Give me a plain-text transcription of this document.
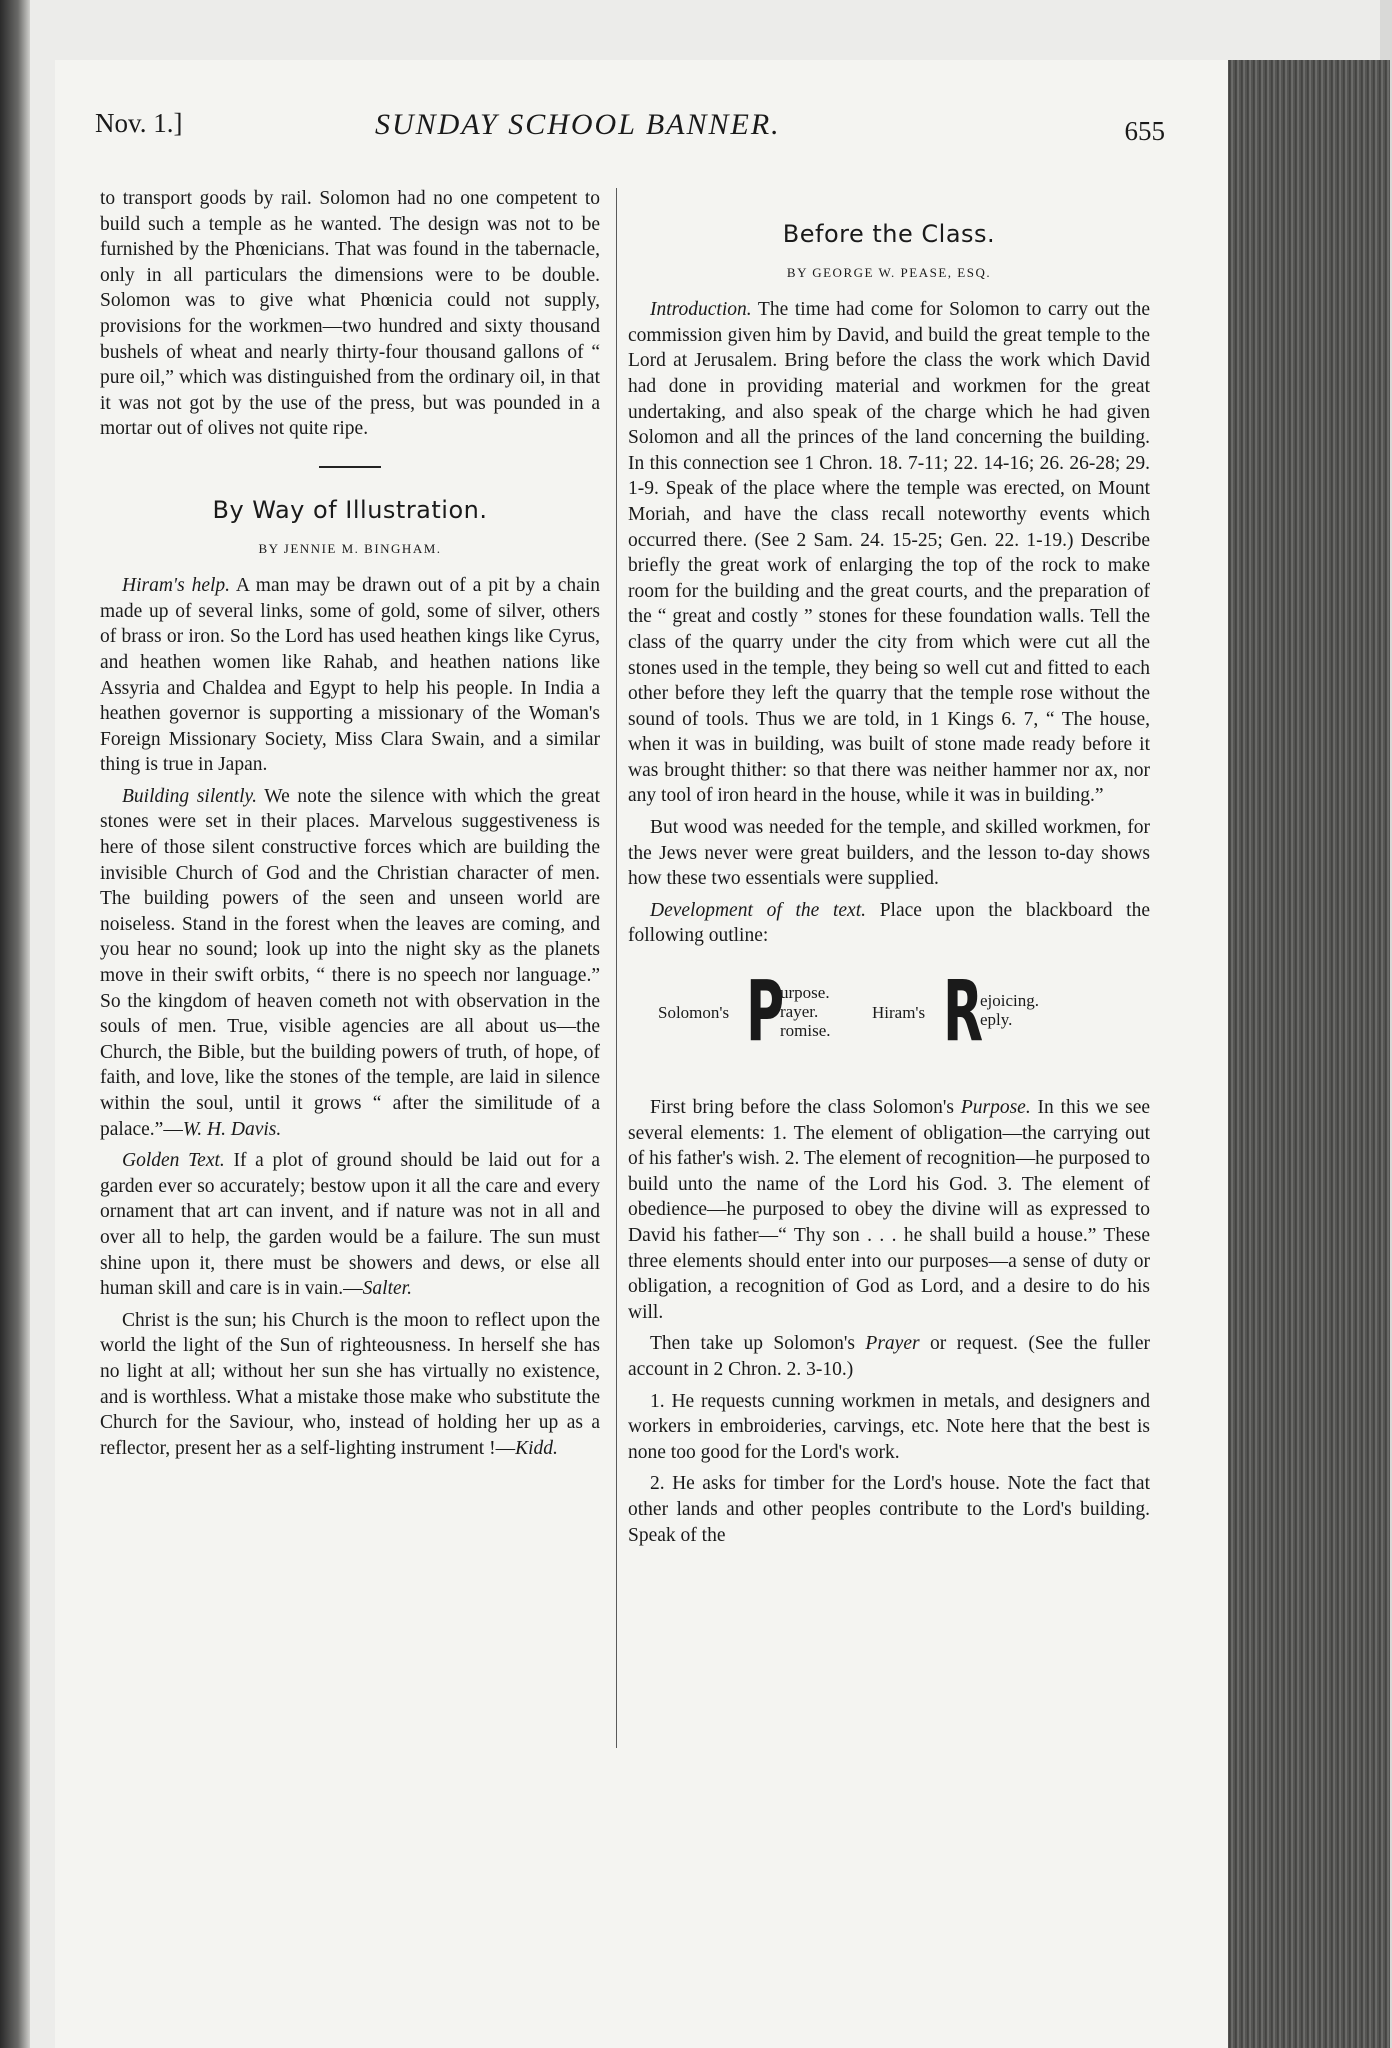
Nov. 1.]	SUNDAY SCHOOL BANNER.	655

to transport goods by rail. Solomon had no one competent to build such a temple as he wanted. The design was not to be furnished by the Phœnicians. That was found in the tabernacle, only in all particulars the dimensions were to be double. Solomon was to give what Phœnicia could not supply, provisions for the workmen—two hundred and sixty thousand bushels of wheat and nearly thirty-four thousand gallons of “ pure oil,” which was distinguished from the ordinary oil, in that it was not got by the use of the press, but was pounded in a mortar out of olives not quite ripe.

By Way of Illustration.
BY JENNIE M. BINGHAM.

Hiram's help. A man may be drawn out of a pit by a chain made up of several links, some of gold, some of silver, others of brass or iron. So the Lord has used heathen kings like Cyrus, and heathen women like Rahab, and heathen nations like Assyria and Chaldea and Egypt to help his people. In India a heathen governor is supporting a missionary of the Woman's Foreign Missionary Society, Miss Clara Swain, and a similar thing is true in Japan.

Building silently. We note the silence with which the great stones were set in their places. Marvelous suggestiveness is here of those silent constructive forces which are building the invisible Church of God and the Christian character of men. The building powers of the seen and unseen world are noiseless. Stand in the forest when the leaves are coming, and you hear no sound; look up into the night sky as the planets move in their swift orbits, “ there is no speech nor language.” So the kingdom of heaven cometh not with observation in the souls of men. True, visible agencies are all about us—the Church, the Bible, but the building powers of truth, of hope, of faith, and love, like the stones of the temple, are laid in silence within the soul, until it grows “ after the similitude of a palace.”—W. H. Davis.

Golden Text. If a plot of ground should be laid out for a garden ever so accurately; bestow upon it all the care and every ornament that art can invent, and if nature was not in all and over all to help, the garden would be a failure. The sun must shine upon it, there must be showers and dews, or else all human skill and care is in vain.—Salter.

Christ is the sun; his Church is the moon to reflect upon the world the light of the Sun of righteousness. In herself she has no light at all; without her sun she has virtually no existence, and is worthless. What a mistake those make who substitute the Church for the Saviour, who, instead of holding her up as a reflector, present her as a self-lighting instrument !—Kidd.

Before the Class.
BY GEORGE W. PEASE, ESQ.

Introduction. The time had come for Solomon to carry out the commission given him by David, and build the great temple to the Lord at Jerusalem. Bring before the class the work which David had done in providing material and workmen for the great undertaking, and also speak of the charge which he had given Solomon and all the princes of the land concerning the building. In this connection see 1 Chron. 18. 7-11; 22. 14-16; 26. 26-28; 29. 1-9. Speak of the place where the temple was erected, on Mount Moriah, and have the class recall noteworthy events which occurred there. (See 2 Sam. 24. 15-25; Gen. 22. 1-19.) Describe briefly the great work of enlarging the top of the rock to make room for the building and the great courts, and the preparation of the “ great and costly ” stones for these foundation walls. Tell the class of the quarry under the city from which were cut all the stones used in the temple, they being so well cut and fitted to each other before they left the quarry that the temple rose without the sound of tools. Thus we are told, in 1 Kings 6. 7, “ The house, when it was in building, was built of stone made ready before it was brought thither: so that there was neither hammer nor ax, nor any tool of iron heard in the house, while it was in building.”

But wood was needed for the temple, and skilled workmen, for the Jews never were great builders, and the lesson to-day shows how these two essentials were supplied.

Development of the text. Place upon the blackboard the following outline:

Solomon's P
urpose.
rayer.
romise.
Hiram's R
ejoicing.
eply.

First bring before the class Solomon's Purpose. In this we see several elements: 1. The element of obligation—the carrying out of his father's wish. 2. The element of recognition—he purposed to build unto the name of the Lord his God. 3. The element of obedience—he purposed to obey the divine will as expressed to David his father—“ Thy son . . . he shall build a house.” These three elements should enter into our purposes—a sense of duty or obligation, a recognition of God as Lord, and a desire to do his will.

Then take up Solomon's Prayer or request. (See the fuller account in 2 Chron. 2. 3-10.)

1. He requests cunning workmen in metals, and designers and workers in embroideries, carvings, etc. Note here that the best is none too good for the Lord's work.

2. He asks for timber for the Lord's house. Note the fact that other lands and other peoples contribute to the Lord's building. Speak of the
